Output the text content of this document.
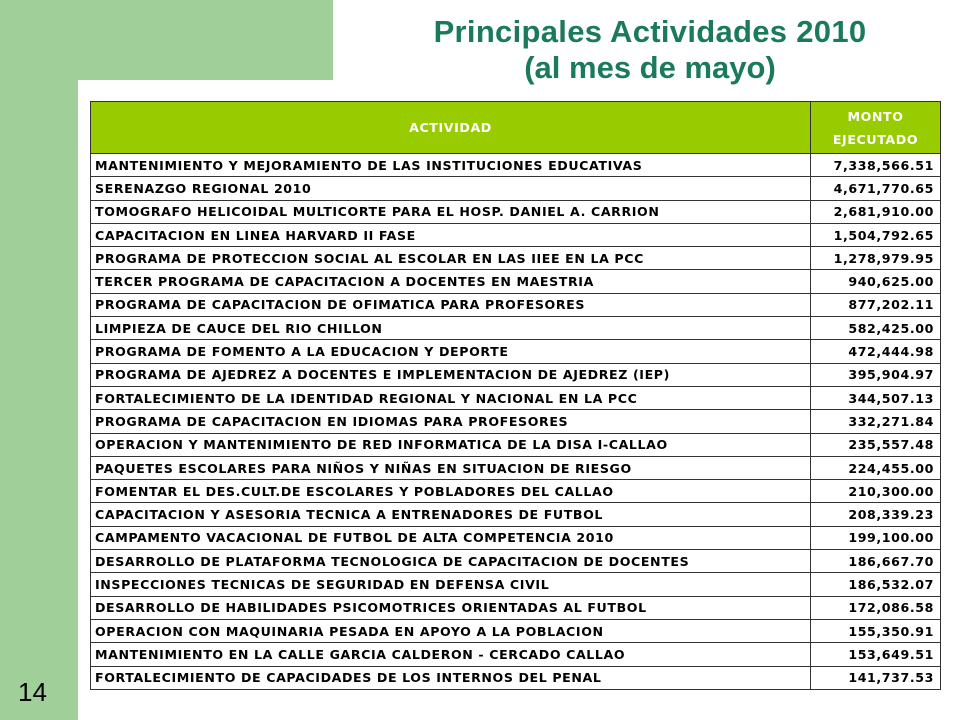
Principales Actividades 2010
(al mes de mayo)
14
ACTIVIDAD	MONTO
EJECUTADO
MANTENIMIENTO Y MEJORAMIENTO DE LAS INSTITUCIONES EDUCATIVAS	7,338,566.51
SERENAZGO REGIONAL 2010	4,671,770.65
TOMOGRAFO HELICOIDAL MULTICORTE PARA EL HOSP. DANIEL A. CARRION	2,681,910.00
CAPACITACION EN LINEA HARVARD II FASE	1,504,792.65
PROGRAMA DE PROTECCION SOCIAL AL ESCOLAR EN LAS IIEE EN LA PCC	1,278,979.95
TERCER PROGRAMA DE CAPACITACION A DOCENTES EN MAESTRIA	940,625.00
PROGRAMA DE CAPACITACION DE OFIMATICA PARA PROFESORES	877,202.11
LIMPIEZA DE CAUCE DEL RIO CHILLON	582,425.00
PROGRAMA DE FOMENTO A LA EDUCACION Y DEPORTE	472,444.98
PROGRAMA DE AJEDREZ A DOCENTES E IMPLEMENTACION DE AJEDREZ (IEP)	395,904.97
FORTALECIMIENTO DE LA IDENTIDAD REGIONAL Y NACIONAL EN LA PCC	344,507.13
PROGRAMA DE CAPACITACION EN IDIOMAS PARA PROFESORES	332,271.84
OPERACION Y MANTENIMIENTO DE RED INFORMATICA DE LA DISA I-CALLAO	235,557.48
PAQUETES ESCOLARES PARA NIÑOS Y NIÑAS EN SITUACION DE RIESGO	224,455.00
FOMENTAR EL DES.CULT.DE ESCOLARES Y POBLADORES DEL CALLAO	210,300.00
CAPACITACION Y ASESORIA TECNICA A ENTRENADORES DE FUTBOL	208,339.23
CAMPAMENTO VACACIONAL DE FUTBOL DE ALTA COMPETENCIA 2010	199,100.00
DESARROLLO DE PLATAFORMA TECNOLOGICA DE CAPACITACION DE DOCENTES	186,667.70
INSPECCIONES TECNICAS DE SEGURIDAD EN DEFENSA CIVIL	186,532.07
DESARROLLO DE HABILIDADES PSICOMOTRICES ORIENTADAS AL FUTBOL	172,086.58
OPERACION CON MAQUINARIA PESADA EN APOYO A LA POBLACION	155,350.91
MANTENIMIENTO EN LA CALLE GARCIA CALDERON - CERCADO CALLAO	153,649.51
FORTALECIMIENTO DE CAPACIDADES DE LOS INTERNOS DEL PENAL	141,737.53
